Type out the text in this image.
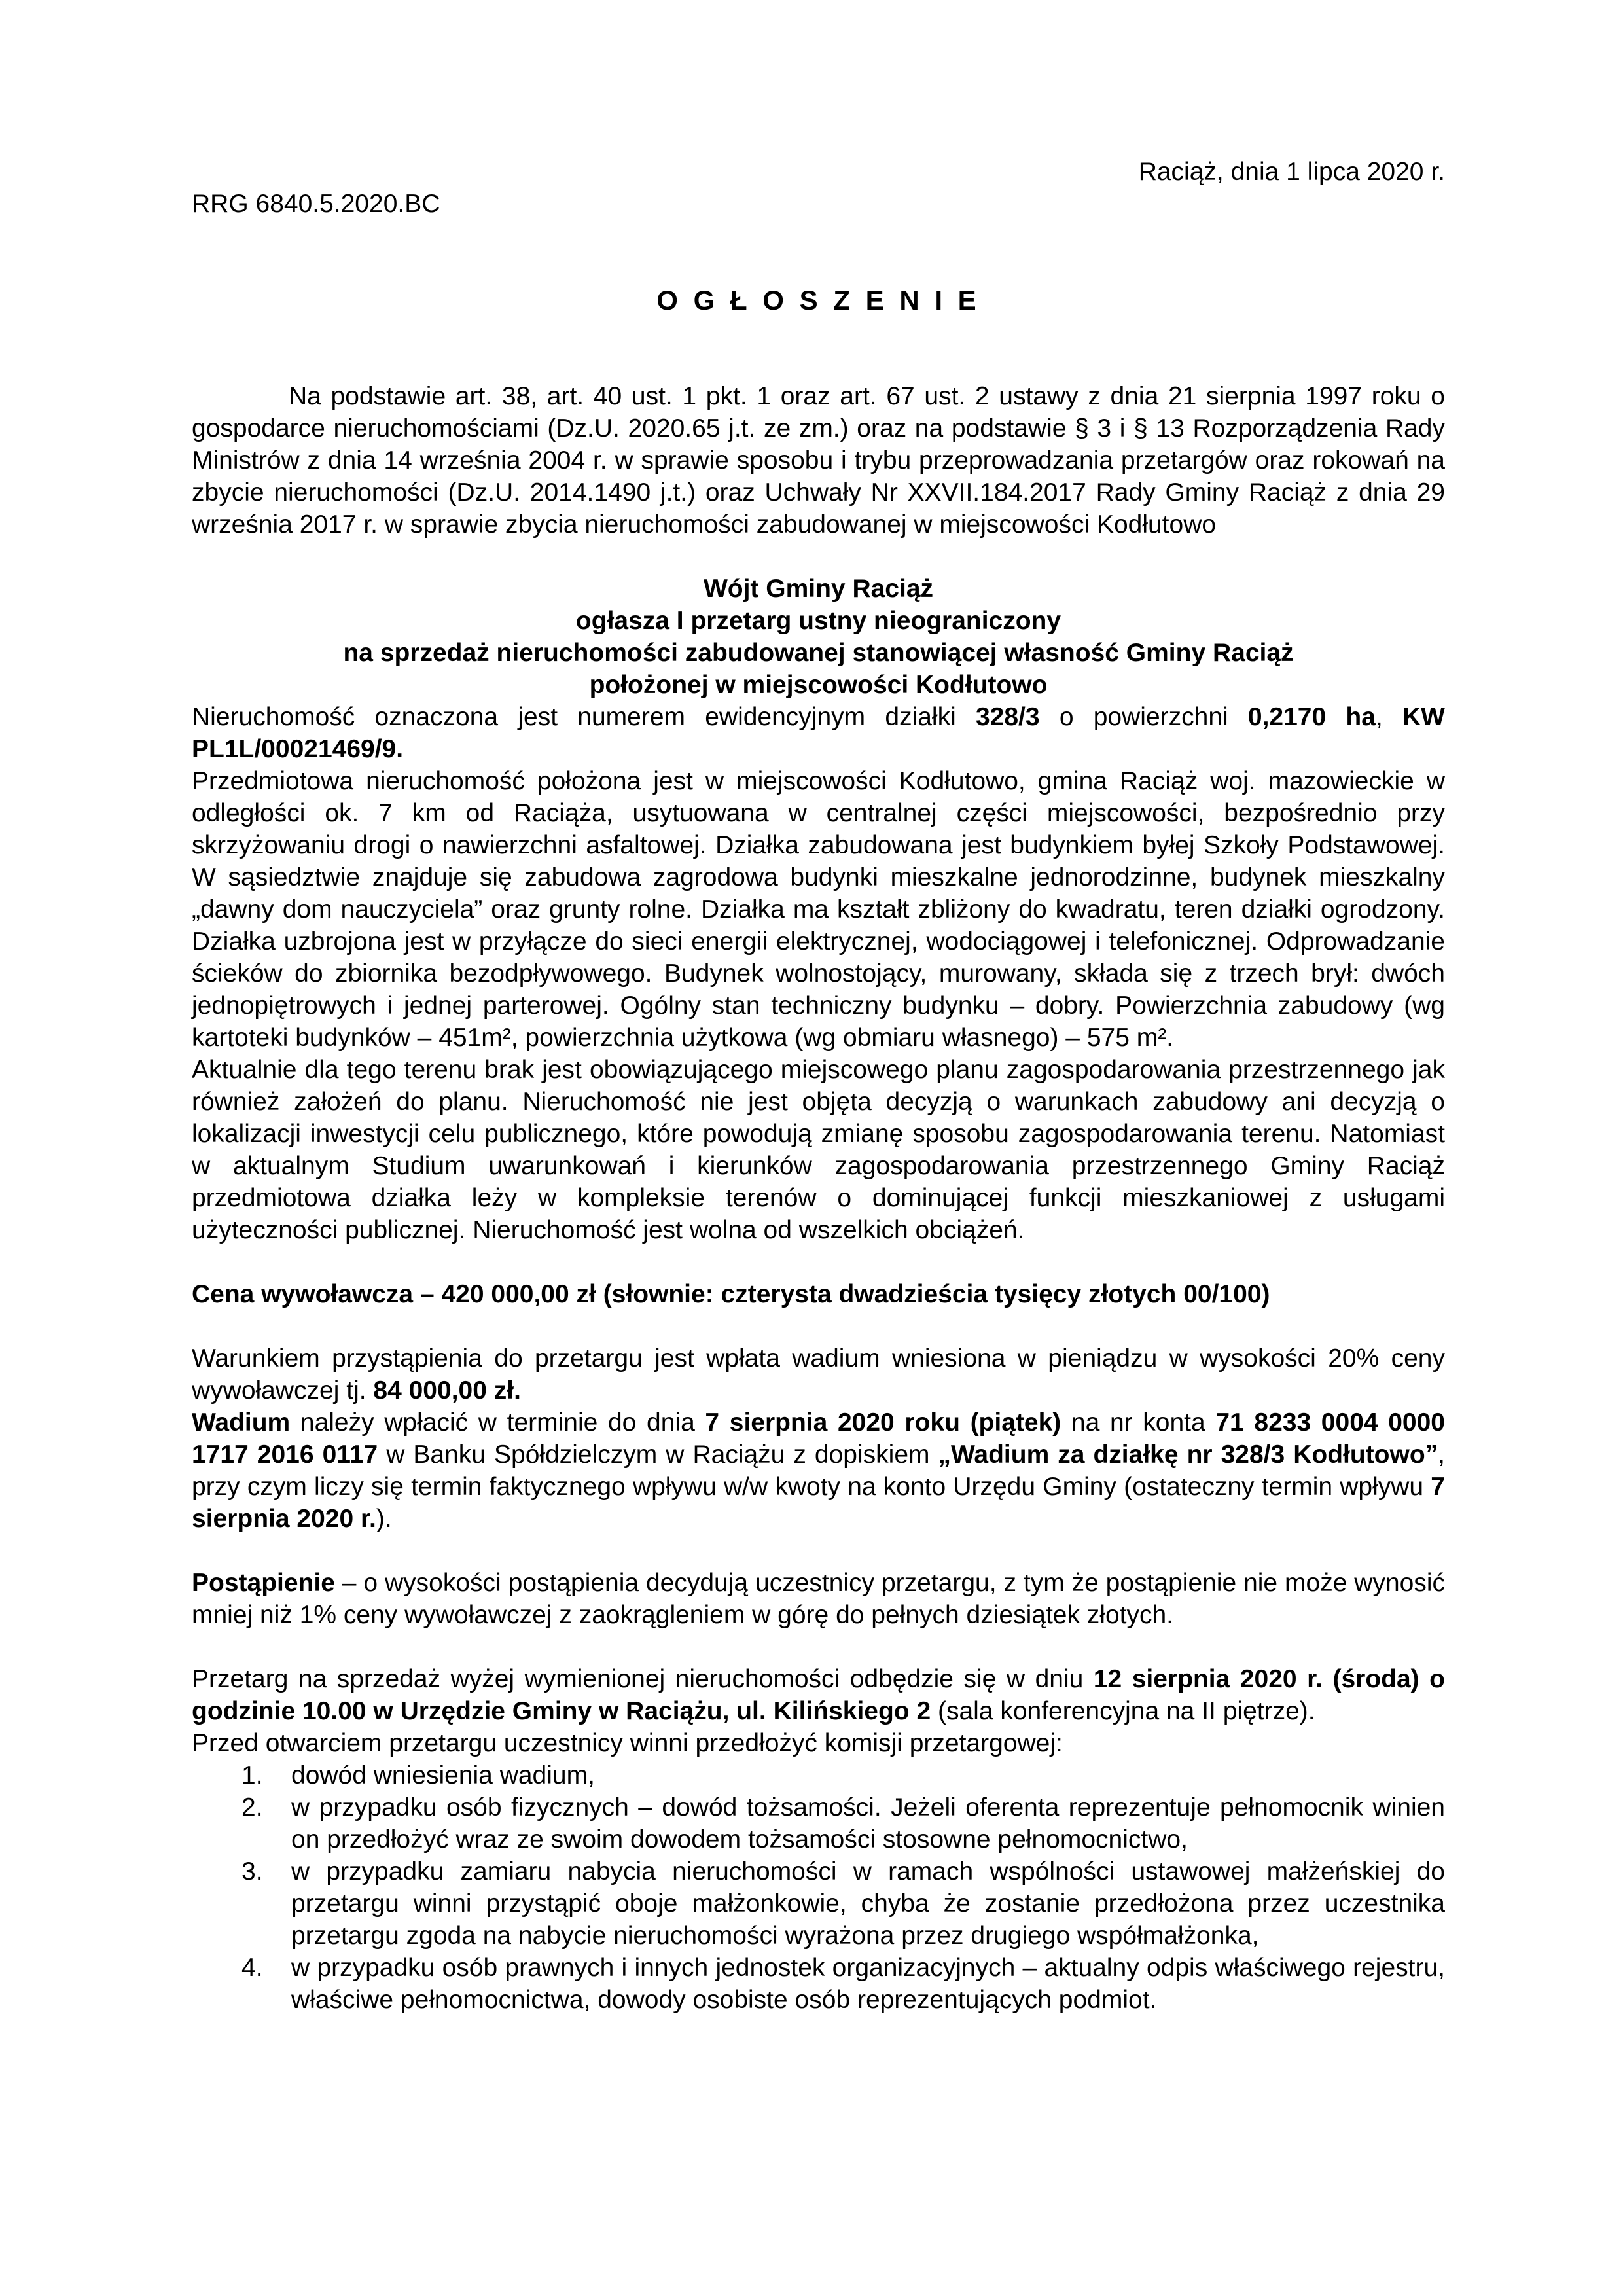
Raciąż, dnia 1 lipca 2020 r.

RRG 6840.5.2020.BC

O G Ł O S Z E N I E

Na podstawie art. 38, art. 40 ust. 1 pkt. 1 oraz art. 67 ust. 2 ustawy z dnia 21 sierpnia 1997 roku o gospodarce nieruchomościami (Dz.U. 2020.65 j.t. ze zm.) oraz na podstawie § 3 i § 13 Rozporządzenia Rady Ministrów z dnia 14 września 2004 r. w sprawie sposobu i trybu przeprowadzania przetargów oraz rokowań na zbycie nieruchomości (Dz.U. 2014.1490 j.t.) oraz Uchwały Nr XXVII.184.2017 Rady Gminy Raciąż z dnia 29 września 2017 r. w sprawie zbycia nieruchomości zabudowanej w miejscowości Kodłutowo

Wójt Gminy Raciąż

ogłasza I przetarg ustny nieograniczony

na sprzedaż nieruchomości zabudowanej stanowiącej własność Gminy Raciąż

położonej w miejscowości Kodłutowo

Nieruchomość oznaczona jest numerem ewidencyjnym działki 328/3 o powierzchni 0,2170 ha, KW PL1L/00021469/9.

Przedmiotowa nieruchomość położona jest w miejscowości Kodłutowo, gmina Raciąż woj. mazowieckie w odległości ok. 7 km od Raciąża, usytuowana w centralnej części miejscowości, bezpośrednio przy skrzyżowaniu drogi o nawierzchni asfaltowej. Działka zabudowana jest budynkiem byłej Szkoły Podstawowej. W sąsiedztwie znajduje się zabudowa zagrodowa budynki mieszkalne jednorodzinne, budynek mieszkalny „dawny dom nauczyciela” oraz grunty rolne. Działka ma kształt zbliżony do kwadratu, teren działki ogrodzony. Działka uzbrojona jest w przyłącze do sieci energii elektrycznej, wodociągowej i telefonicznej. Odprowadzanie ścieków do zbiornika bezodpływowego. Budynek wolnostojący, murowany, składa się z trzech brył: dwóch jednopiętrowych i jednej parterowej. Ogólny stan techniczny budynku – dobry. Powierzchnia zabudowy (wg kartoteki budynków – 451m², powierzchnia użytkowa (wg obmiaru własnego) – 575 m².

Aktualnie dla tego terenu brak jest obowiązującego miejscowego planu zagospodarowania przestrzennego jak również założeń do planu. Nieruchomość nie jest objęta decyzją o warunkach zabudowy ani decyzją o lokalizacji inwestycji celu publicznego, które powodują zmianę sposobu zagospodarowania terenu. Natomiast w aktualnym Studium uwarunkowań i kierunków zagospodarowania przestrzennego Gminy Raciąż przedmiotowa działka leży w kompleksie terenów o dominującej funkcji mieszkaniowej z usługami użyteczności publicznej. Nieruchomość jest wolna od wszelkich obciążeń.

Cena wywoławcza – 420 000,00 zł (słownie: czterysta dwadzieścia tysięcy złotych 00/100)

Warunkiem przystąpienia do przetargu jest wpłata wadium wniesiona w pieniądzu w wysokości 20% ceny wywoławczej tj. 84 000,00 zł.

Wadium należy wpłacić w terminie do dnia 7 sierpnia 2020 roku (piątek) na nr konta 71 8233 0004 0000 1717 2016 0117 w Banku Spółdzielczym w Raciążu z dopiskiem „Wadium za działkę nr 328/3 Kodłutowo”, przy czym liczy się termin faktycznego wpływu w/w kwoty na konto Urzędu Gminy (ostateczny termin wpływu 7 sierpnia 2020 r.).

Postąpienie – o wysokości postąpienia decydują uczestnicy przetargu, z tym że postąpienie nie może wynosić mniej niż 1% ceny wywoławczej z zaokrągleniem w górę do pełnych dziesiątek złotych.

Przetarg na sprzedaż wyżej wymienionej nieruchomości odbędzie się w dniu 12 sierpnia 2020 r. (środa) o godzinie 10.00 w Urzędzie Gminy w Raciążu, ul. Kilińskiego 2 (sala konferencyjna na II piętrze).

Przed otwarciem przetargu uczestnicy winni przedłożyć komisji przetargowej:

1. dowód wniesienia wadium,
2. w przypadku osób fizycznych – dowód tożsamości. Jeżeli oferenta reprezentuje pełnomocnik winien on przedłożyć wraz ze swoim dowodem tożsamości stosowne pełnomocnictwo,
3. w przypadku zamiaru nabycia nieruchomości w ramach wspólności ustawowej małżeńskiej do przetargu winni przystąpić oboje małżonkowie, chyba że zostanie przedłożona przez uczestnika przetargu zgoda na nabycie nieruchomości wyrażona przez drugiego współmałżonka,
4. w przypadku osób prawnych i innych jednostek organizacyjnych – aktualny odpis właściwego rejestru, właściwe pełnomocnictwa, dowody osobiste osób reprezentujących podmiot.
